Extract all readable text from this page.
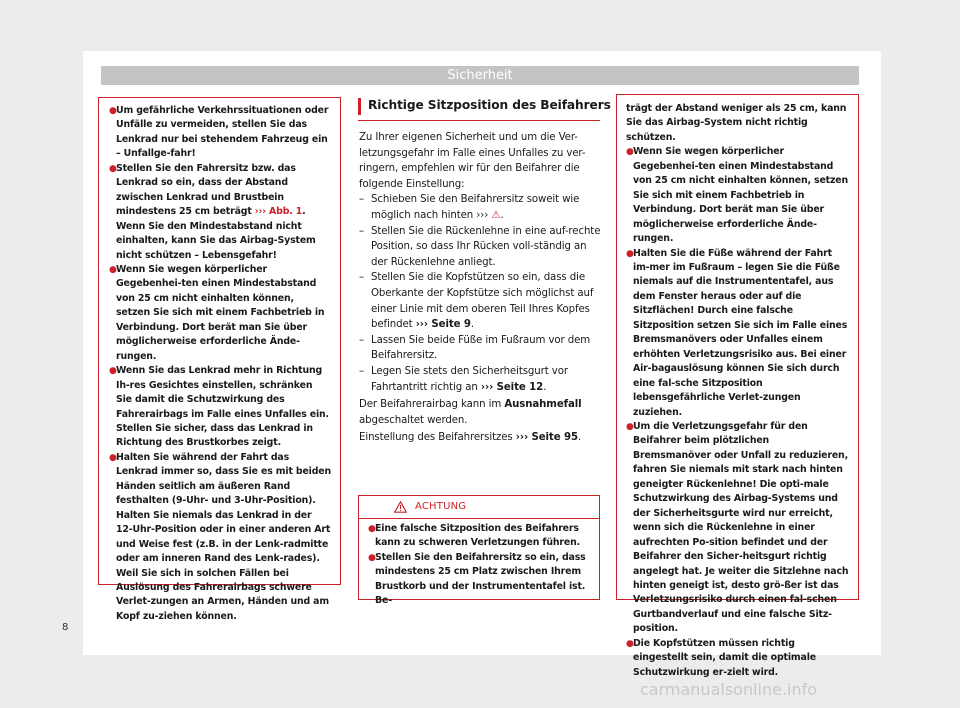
Sicherheit
● Um gefährliche Verkehrssituationen oder Unfälle zu vermeiden, stellen Sie das Lenkrad nur bei stehendem Fahrzeug ein – Unfallge-fahr!
● Stellen Sie den Fahrersitz bzw. das Lenkrad so ein, dass der Abstand zwischen Lenkrad und Brustbein mindestens 25 cm beträgt ››› Abb. 1. Wenn Sie den Mindestabstand nicht einhalten, kann Sie das Airbag-System nicht schützen – Lebensgefahr!
● Wenn Sie wegen körperlicher Gegebenhei-ten einen Mindestabstand von 25 cm nicht einhalten können, setzen Sie sich mit einem Fachbetrieb in Verbindung. Dort berät man Sie über möglicherweise erforderliche Ände-rungen.
● Wenn Sie das Lenkrad mehr in Richtung Ih-res Gesichtes einstellen, schränken Sie damit die Schutzwirkung des Fahrerairbags im Falle eines Unfalles ein. Stellen Sie sicher, dass das Lenkrad in Richtung des Brustkorbes zeigt.
● Halten Sie während der Fahrt das Lenkrad immer so, dass Sie es mit beiden Händen seitlich am äußeren Rand festhalten (9-Uhr- und 3-Uhr-Position). Halten Sie niemals das Lenkrad in der 12-Uhr-Position oder in einer anderen Art und Weise fest (z.B. in der Lenk-radmitte oder am inneren Rand des Lenk-rades). Weil Sie sich in solchen Fällen bei Auslösung des Fahrerairbags schwere Verlet-zungen an Armen, Händen und am Kopf zu-ziehen können.
Richtige Sitzposition des Beifahrers

Zu Ihrer eigenen Sicherheit und um die Ver-letzungsgefahr im Falle eines Unfalles zu ver-ringern, empfehlen wir für den Beifahrer die folgende Einstellung:

– Schieben Sie den Beifahrersitz soweit wie möglich nach hinten ››› ⚠.
– Stellen Sie die Rückenlehne in eine auf-rechte Position, so dass Ihr Rücken voll-ständig an der Rückenlehne anliegt.
– Stellen Sie die Kopfstützen so ein, dass die Oberkante der Kopfstütze sich möglichst auf einer Linie mit dem oberen Teil Ihres Kopfes befindet ››› Seite 9.
– Lassen Sie beide Füße im Fußraum vor dem Beifahrersitz.
– Legen Sie stets den Sicherheitsgurt vor Fahrtantritt richtig an ››› Seite 12.

Der Beifahrerairbag kann im Ausnahmefall abgeschaltet werden.

Einstellung des Beifahrersitzes ››› Seite 95.

ACHTUNG
● Eine falsche Sitzposition des Beifahrers kann zu schweren Verletzungen führen.
● Stellen Sie den Beifahrersitz so ein, dass mindestens 25 cm Platz zwischen Ihrem Brustkorb und der Instrumententafel ist. Be-

trägt der Abstand weniger als 25 cm, kann Sie das Airbag-System nicht richtig schützen.

● Wenn Sie wegen körperlicher Gegebenhei-ten einen Mindestabstand von 25 cm nicht einhalten können, setzen Sie sich mit einem Fachbetrieb in Verbindung. Dort berät man Sie über möglicherweise erforderliche Ände-rungen.
● Halten Sie die Füße während der Fahrt im-mer im Fußraum – legen Sie die Füße niemals auf die Instrumententafel, aus dem Fenster heraus oder auf die Sitzflächen! Durch eine falsche Sitzposition setzen Sie sich im Falle eines Bremsmanövers oder Unfalles einem erhöhten Verletzungsrisiko aus. Bei einer Air-bagauslösung können Sie sich durch eine fal-sche Sitzposition lebensgefährliche Verlet-zungen zuziehen.
● Um die Verletzungsgefahr für den Beifahrer beim plötzlichen Bremsmanöver oder Unfall zu reduzieren, fahren Sie niemals mit stark nach hinten geneigter Rückenlehne! Die opti-male Schutzwirkung des Airbag-Systems und der Sicherheitsgurte wird nur erreicht, wenn sich die Rückenlehne in einer aufrechten Po-sition befindet und der Beifahrer den Sicher-heitsgurt richtig angelegt hat. Je weiter die Sitzlehne nach hinten geneigt ist, desto grö-ßer ist das Verletzungsrisiko durch einen fal-schen Gurtbandverlauf und eine falsche Sitz-position.
● Die Kopfstützen müssen richtig eingestellt sein, damit die optimale Schutzwirkung er-zielt wird.
8
carmanualsonline.info
